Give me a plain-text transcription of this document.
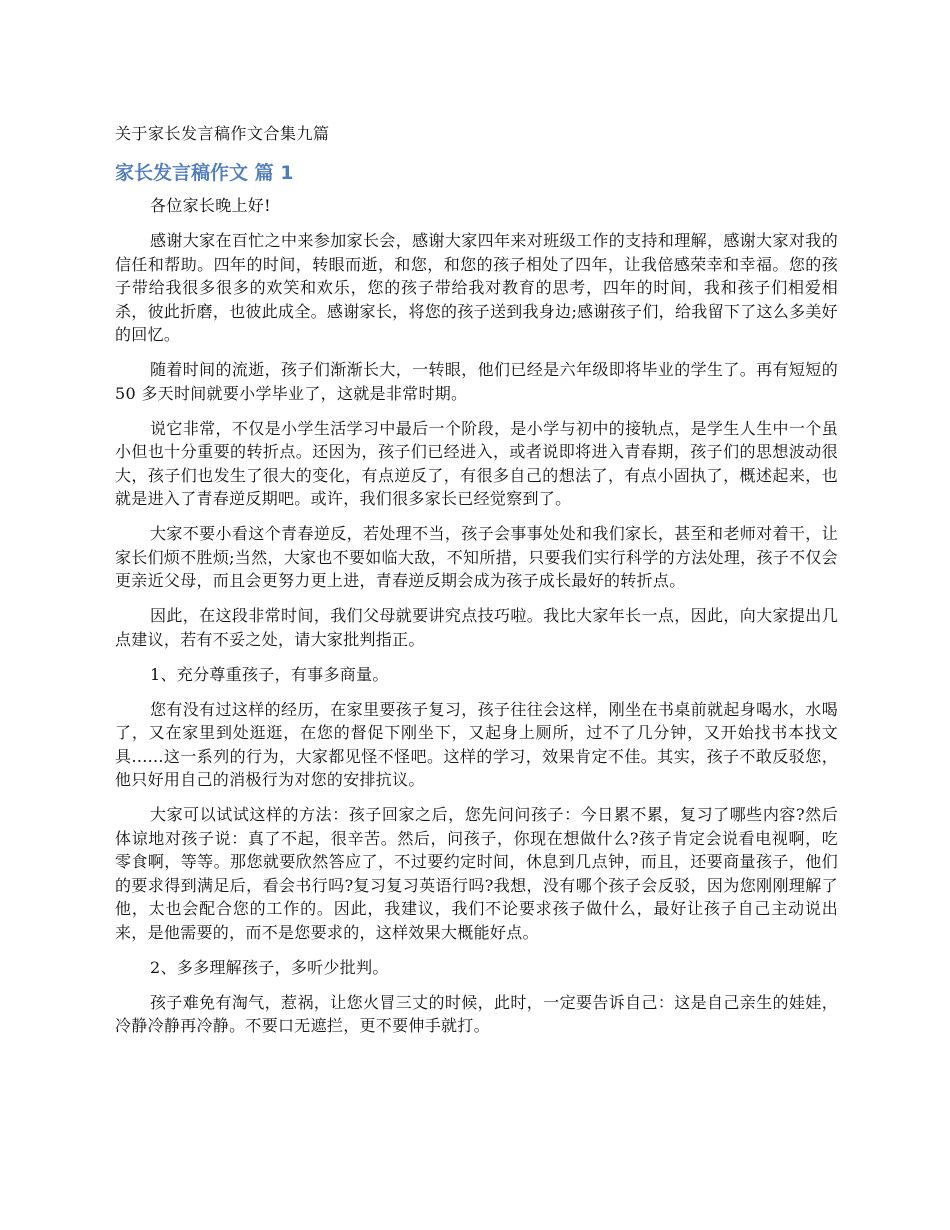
关于家长发言稿作文合集九篇
家长发言稿作文 篇 1

各位家长晚上好!

感谢大家在百忙之中来参加家长会，感谢大家四年来对班级工作的支持和理解，感谢大家对我的信任和帮助。四年的时间，转眼而逝，和您，和您的孩子相处了四年，让我倍感荣幸和幸福。您的孩子带给我很多很多的欢笑和欢乐，您的孩子带给我对教育的思考，四年的时间，我和孩子们相爱相杀，彼此折磨，也彼此成全。感谢家长，将您的孩子送到我身边;感谢孩子们，给我留下了这么多美好的回忆。

随着时间的流逝，孩子们渐渐长大，一转眼，他们已经是六年级即将毕业的学生了。再有短短的 50 多天时间就要小学毕业了，这就是非常时期。

说它非常，不仅是小学生活学习中最后一个阶段，是小学与初中的接轨点，是学生人生中一个虽小但也十分重要的转折点。还因为，孩子们已经进入，或者说即将进入青春期，孩子们的思想波动很大，孩子们也发生了很大的变化，有点逆反了，有很多自己的想法了，有点小固执了，概述起来，也就是进入了青春逆反期吧。或许，我们很多家长已经觉察到了。

大家不要小看这个青春逆反，若处理不当，孩子会事事处处和我们家长，甚至和老师对着干，让家长们烦不胜烦;当然，大家也不要如临大敌，不知所措，只要我们实行科学的方法处理，孩子不仅会更亲近父母，而且会更努力更上进，青春逆反期会成为孩子成长最好的转折点。

因此，在这段非常时间，我们父母就要讲究点技巧啦。我比大家年长一点，因此，向大家提出几点建议，若有不妥之处，请大家批判指正。

1、充分尊重孩子，有事多商量。

您有没有过这样的经历，在家里要孩子复习，孩子往往会这样，刚坐在书桌前就起身喝水，水喝了，又在家里到处逛逛，在您的督促下刚坐下，又起身上厕所，过不了几分钟，又开始找书本找文具......这一系列的行为，大家都见怪不怪吧。这样的学习，效果肯定不佳。其实，孩子不敢反驳您，他只好用自己的消极行为对您的安排抗议。

大家可以试试这样的方法：孩子回家之后，您先问问孩子：今日累不累，复习了哪些内容?然后体谅地对孩子说：真了不起，很辛苦。然后，问孩子，你现在想做什么?孩子肯定会说看电视啊，吃零食啊，等等。那您就要欣然答应了，不过要约定时间，休息到几点钟，而且，还要商量孩子，他们的要求得到满足后，看会书行吗?复习复习英语行吗?我想，没有哪个孩子会反驳，因为您刚刚理解了他，太也会配合您的工作的。因此，我建议，我们不论要求孩子做什么，最好让孩子自己主动说出来，是他需要的，而不是您要求的，这样效果大概能好点。

2、多多理解孩子，多听少批判。

孩子难免有淘气，惹祸，让您火冒三丈的时候，此时，一定要告诉自己：这是自己亲生的娃娃，冷静冷静再冷静。不要口无遮拦，更不要伸手就打。
